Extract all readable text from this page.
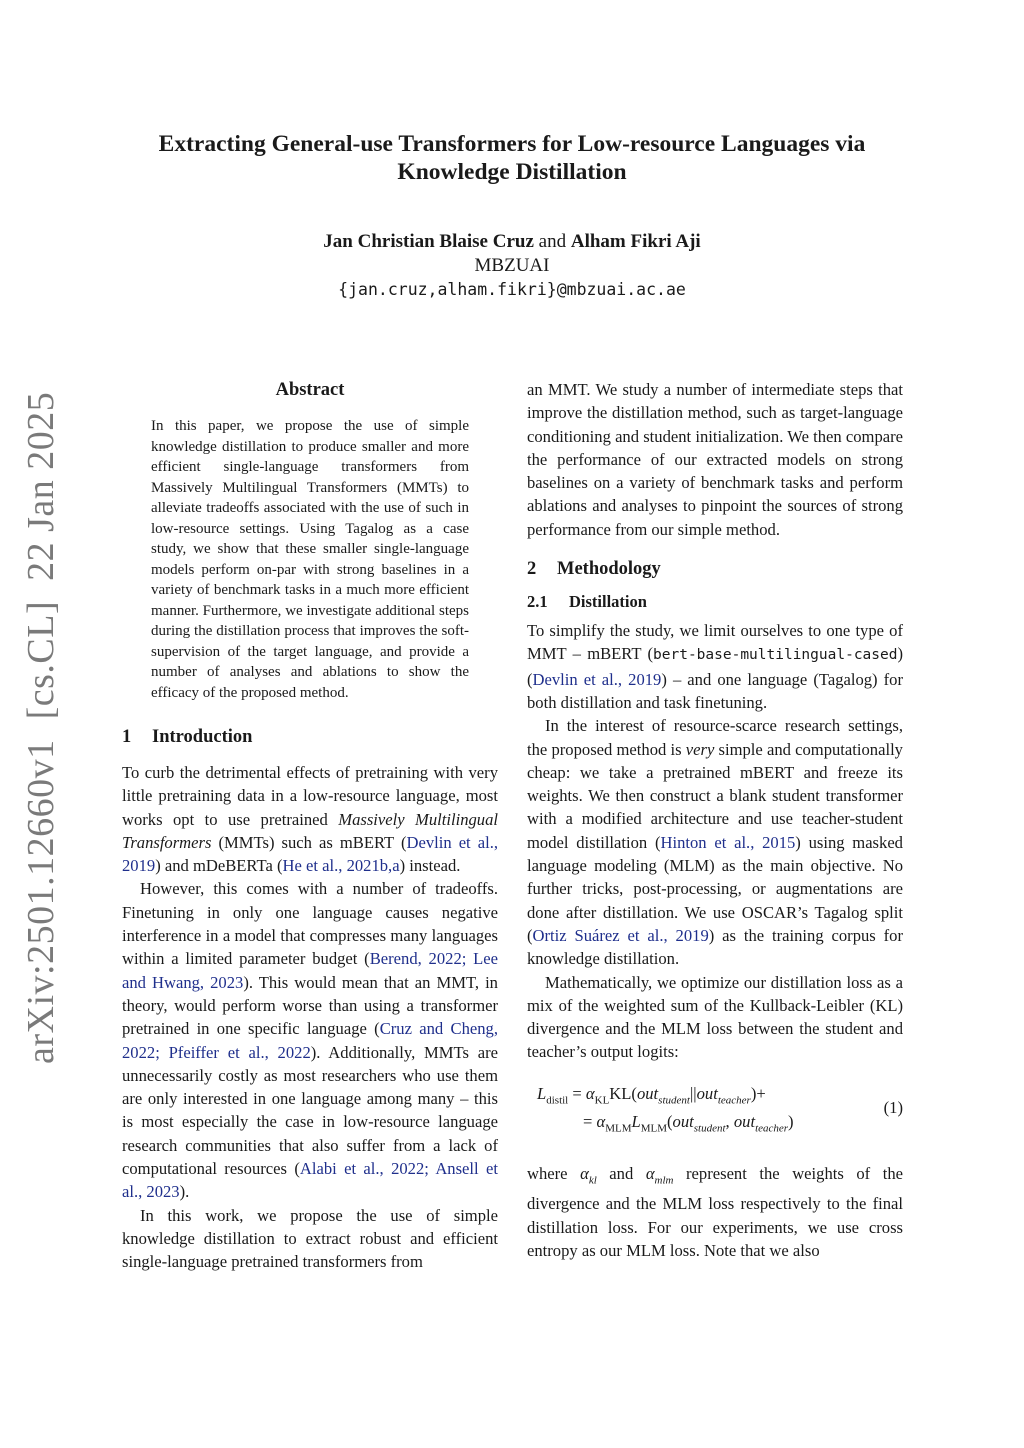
arXiv:2501.12660v1  [cs.CL]  22 Jan 2025
Extracting General-use Transformers for Low-resource Languages via Knowledge Distillation
Jan Christian Blaise Cruz and Alham Fikri Aji
MBZUAI
{jan.cruz,alham.fikri}@mbzuai.ac.ae
Abstract
In this paper, we propose the use of simple knowledge distillation to produce smaller and more efficient single-language transformers from Massively Multilingual Transformers (MMTs) to alleviate tradeoffs associated with the use of such in low-resource settings. Using Tagalog as a case study, we show that these smaller single-language models perform on-par with strong baselines in a variety of benchmark tasks in a much more efficient manner. Furthermore, we investigate additional steps during the distillation process that improves the soft-supervision of the target language, and provide a number of analyses and ablations to show the efficacy of the proposed method.
1 Introduction

To curb the detrimental effects of pretraining with very little pretraining data in a low-resource language, most works opt to use pretrained Massively Multilingual Transformers (MMTs) such as mBERT (Devlin et al., 2019) and mDeBERTa (He et al., 2021b,a) instead.

However, this comes with a number of tradeoffs. Finetuning in only one language causes negative interference in a model that compresses many languages within a limited parameter budget (Berend, 2022; Lee and Hwang, 2023). This would mean that an MMT, in theory, would perform worse than using a transformer pretrained in one specific language (Cruz and Cheng, 2022; Pfeiffer et al., 2022). Additionally, MMTs are unnecessarily costly as most researchers who use them are only interested in one language among many – this is most especially the case in low-resource language research communities that also suffer from a lack of computational resources (Alabi et al., 2022; Ansell et al., 2023).

In this work, we propose the use of simple knowledge distillation to extract robust and efficient single-language pretrained transformers from

an MMT. We study a number of intermediate steps that improve the distillation method, such as target-language conditioning and student initialization. We then compare the performance of our extracted models on strong baselines on a variety of benchmark tasks and perform ablations and analyses to pinpoint the sources of strong performance from our simple method.

2 Methodology
2.1 Distillation

To simplify the study, we limit ourselves to one type of MMT – mBERT (bert-base-multilingual-cased) (Devlin et al., 2019) – and one language (Tagalog) for both distillation and task finetuning.

In the interest of resource-scarce research settings, the proposed method is very simple and computationally cheap: we take a pretrained mBERT and freeze its weights. We then construct a blank student transformer with a modified architecture and use teacher-student model distillation (Hinton et al., 2015) using masked language modeling (MLM) as the main objective. No further tricks, post-processing, or augmentations are done after distillation. We use OSCAR’s Tagalog split (Ortiz Suárez et al., 2019) as the training corpus for knowledge distillation.

Mathematically, we optimize our distillation loss as a mix of the weighted sum of the Kullback-Leibler (KL) divergence and the MLM loss between the student and teacher’s output logits:

$L_{distil} = \alpha_{KL}KL(out_{student}||out_{teacher})+$
= $\alpha_{MLM}L_{MLM}(out_{student}$, out$_{teacher}$)
(1)

where $\alpha_{kl}$ and $\alpha_{mlm}$ represent the weights of the divergence and the MLM loss respectively to the final distillation loss. For our experiments, we use cross entropy as our MLM loss. Note that we also
